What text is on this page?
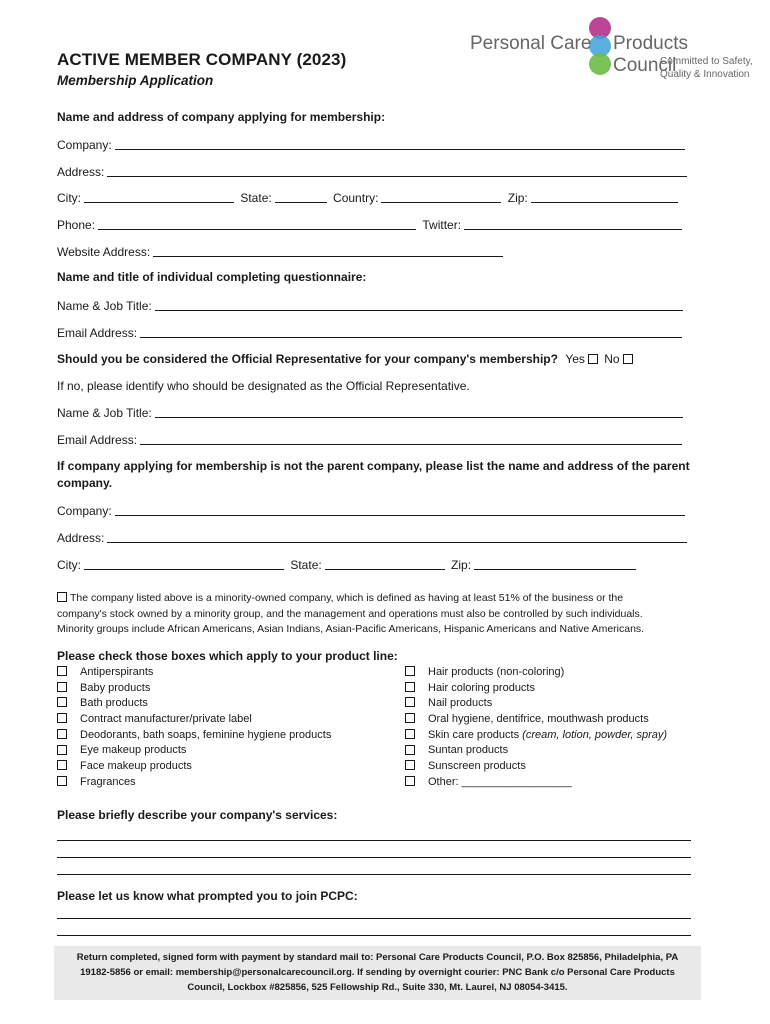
ACTIVE MEMBER COMPANY (2023)
Membership Application
Personal Care Products Council
Committed to Safety,
Quality & Innovation
Name and address of company applying for membership:
Company:
Address:
City:	State:	Country:	Zip:
Phone:	Twitter:
Website Address:
Name and title of individual completing questionnaire:
Name & Job Title:
Email Address:
Should you be considered the Official Representative for your company's membership? Yes No
If no, please identify who should be designated as the Official Representative.
Name & Job Title:
Email Address:
If company applying for membership is not the parent company, please list the name and address of the parent
company.
Company:
Address:
City:	State:	Zip:
The company listed above is a minority-owned company, which is defined as having at least 51% of the business or the
company's stock owned by a minority group, and the management and operations must also be controlled by such individuals.
Minority groups include African Americans, Asian Indians, Asian-Pacific Americans, Hispanic Americans and Native Americans.
Please check those boxes which apply to your product line:
Antiperspirants
Baby products
Bath products
Contract manufacturer/private label
Deodorants, bath soaps, feminine hygiene products
Eye makeup products
Face makeup products
Fragrances
Hair products (non-coloring)
Hair coloring products
Nail products
Oral hygiene, dentifrice, mouthwash products
Skin care products (cream, lotion, powder, spray)
Suntan products
Sunscreen products
Other: __________________
Please briefly describe your company's services:
Please let us know what prompted you to join PCPC:
Return completed, signed form with payment by standard mail to: Personal Care Products Council, P.O. Box 825856, Philadelphia, PA
19182-5856 or email: membership@personalcarecouncil.org. If sending by overnight courier: PNC Bank c/o Personal Care Products
Council, Lockbox #825856, 525 Fellowship Rd., Suite 330, Mt. Laurel, NJ 08054-3415.
